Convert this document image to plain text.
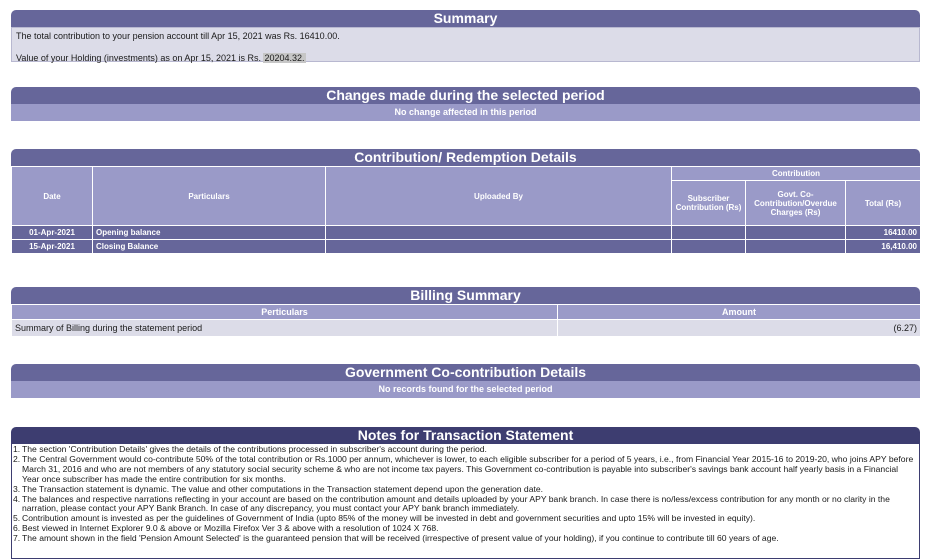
Summary
The total contribution to your pension account till Apr 15, 2021 was Rs. 16410.00.
Value of your Holding (investments) as on Apr 15, 2021 is Rs. 20204.32.
Changes made during the selected period
No change affected in this period
Contribution/ Redemption Details
Date	Particulars	Uploaded By	Contribution		
			Subscriber Contribution (Rs)	Govt. Co-Contribution/Overdue Charges (Rs)	Total (Rs)
01-Apr-2021	Opening balance				16410.00
15-Apr-2021	Closing Balance				16,410.00
Billing Summary
Perticulars	Amount
Summary of Billing during the statement period	(6.27)
Government Co-contribution Details
No records found for the selected period
Notes for Transaction Statement
1. The section 'Contribution Details' gives the details of the contributions processed in subscriber's account during the period.
2. The Central Government would co-contribute 50% of the total contribution or Rs.1000 per annum, whichever is lower, to each eligible subscriber for a period of 5 years, i.e., from Financial Year 2015-16 to 2019-20, who joins APY before March 31, 2016 and who are not members of any statutory social security scheme & who are not income tax payers. This Government co-contribution is payable into subscriber's savings bank account half yearly basis in a Financial Year once subscriber has made the entire contribution for six months.
3. The Transaction statement is dynamic. The value and other computations in the Transaction statement depend upon the generation date.
4. The balances and respective narrations reflecting in your account are based on the contribution amount and details uploaded by your APY bank branch. In case there is no/less/excess contribution for any month or no clarity in the narration, please contact your APY Bank Branch. In case of any discrepancy, you must contact your APY bank branch immediately.
5. Contribution amount is invested as per the guidelines of Government of India (upto 85% of the money will be invested in debt and government securities and upto 15% will be invested in equity).
6. Best viewed in Internet Explorer 9.0 & above or Mozilla Firefox Ver 3 & above with a resolution of 1024 X 768.
7. The amount shown in the field 'Pension Amount Selected' is the guaranteed pension that will be received (irrespective of present value of your holding), if you continue to contribute till 60 years of age.
